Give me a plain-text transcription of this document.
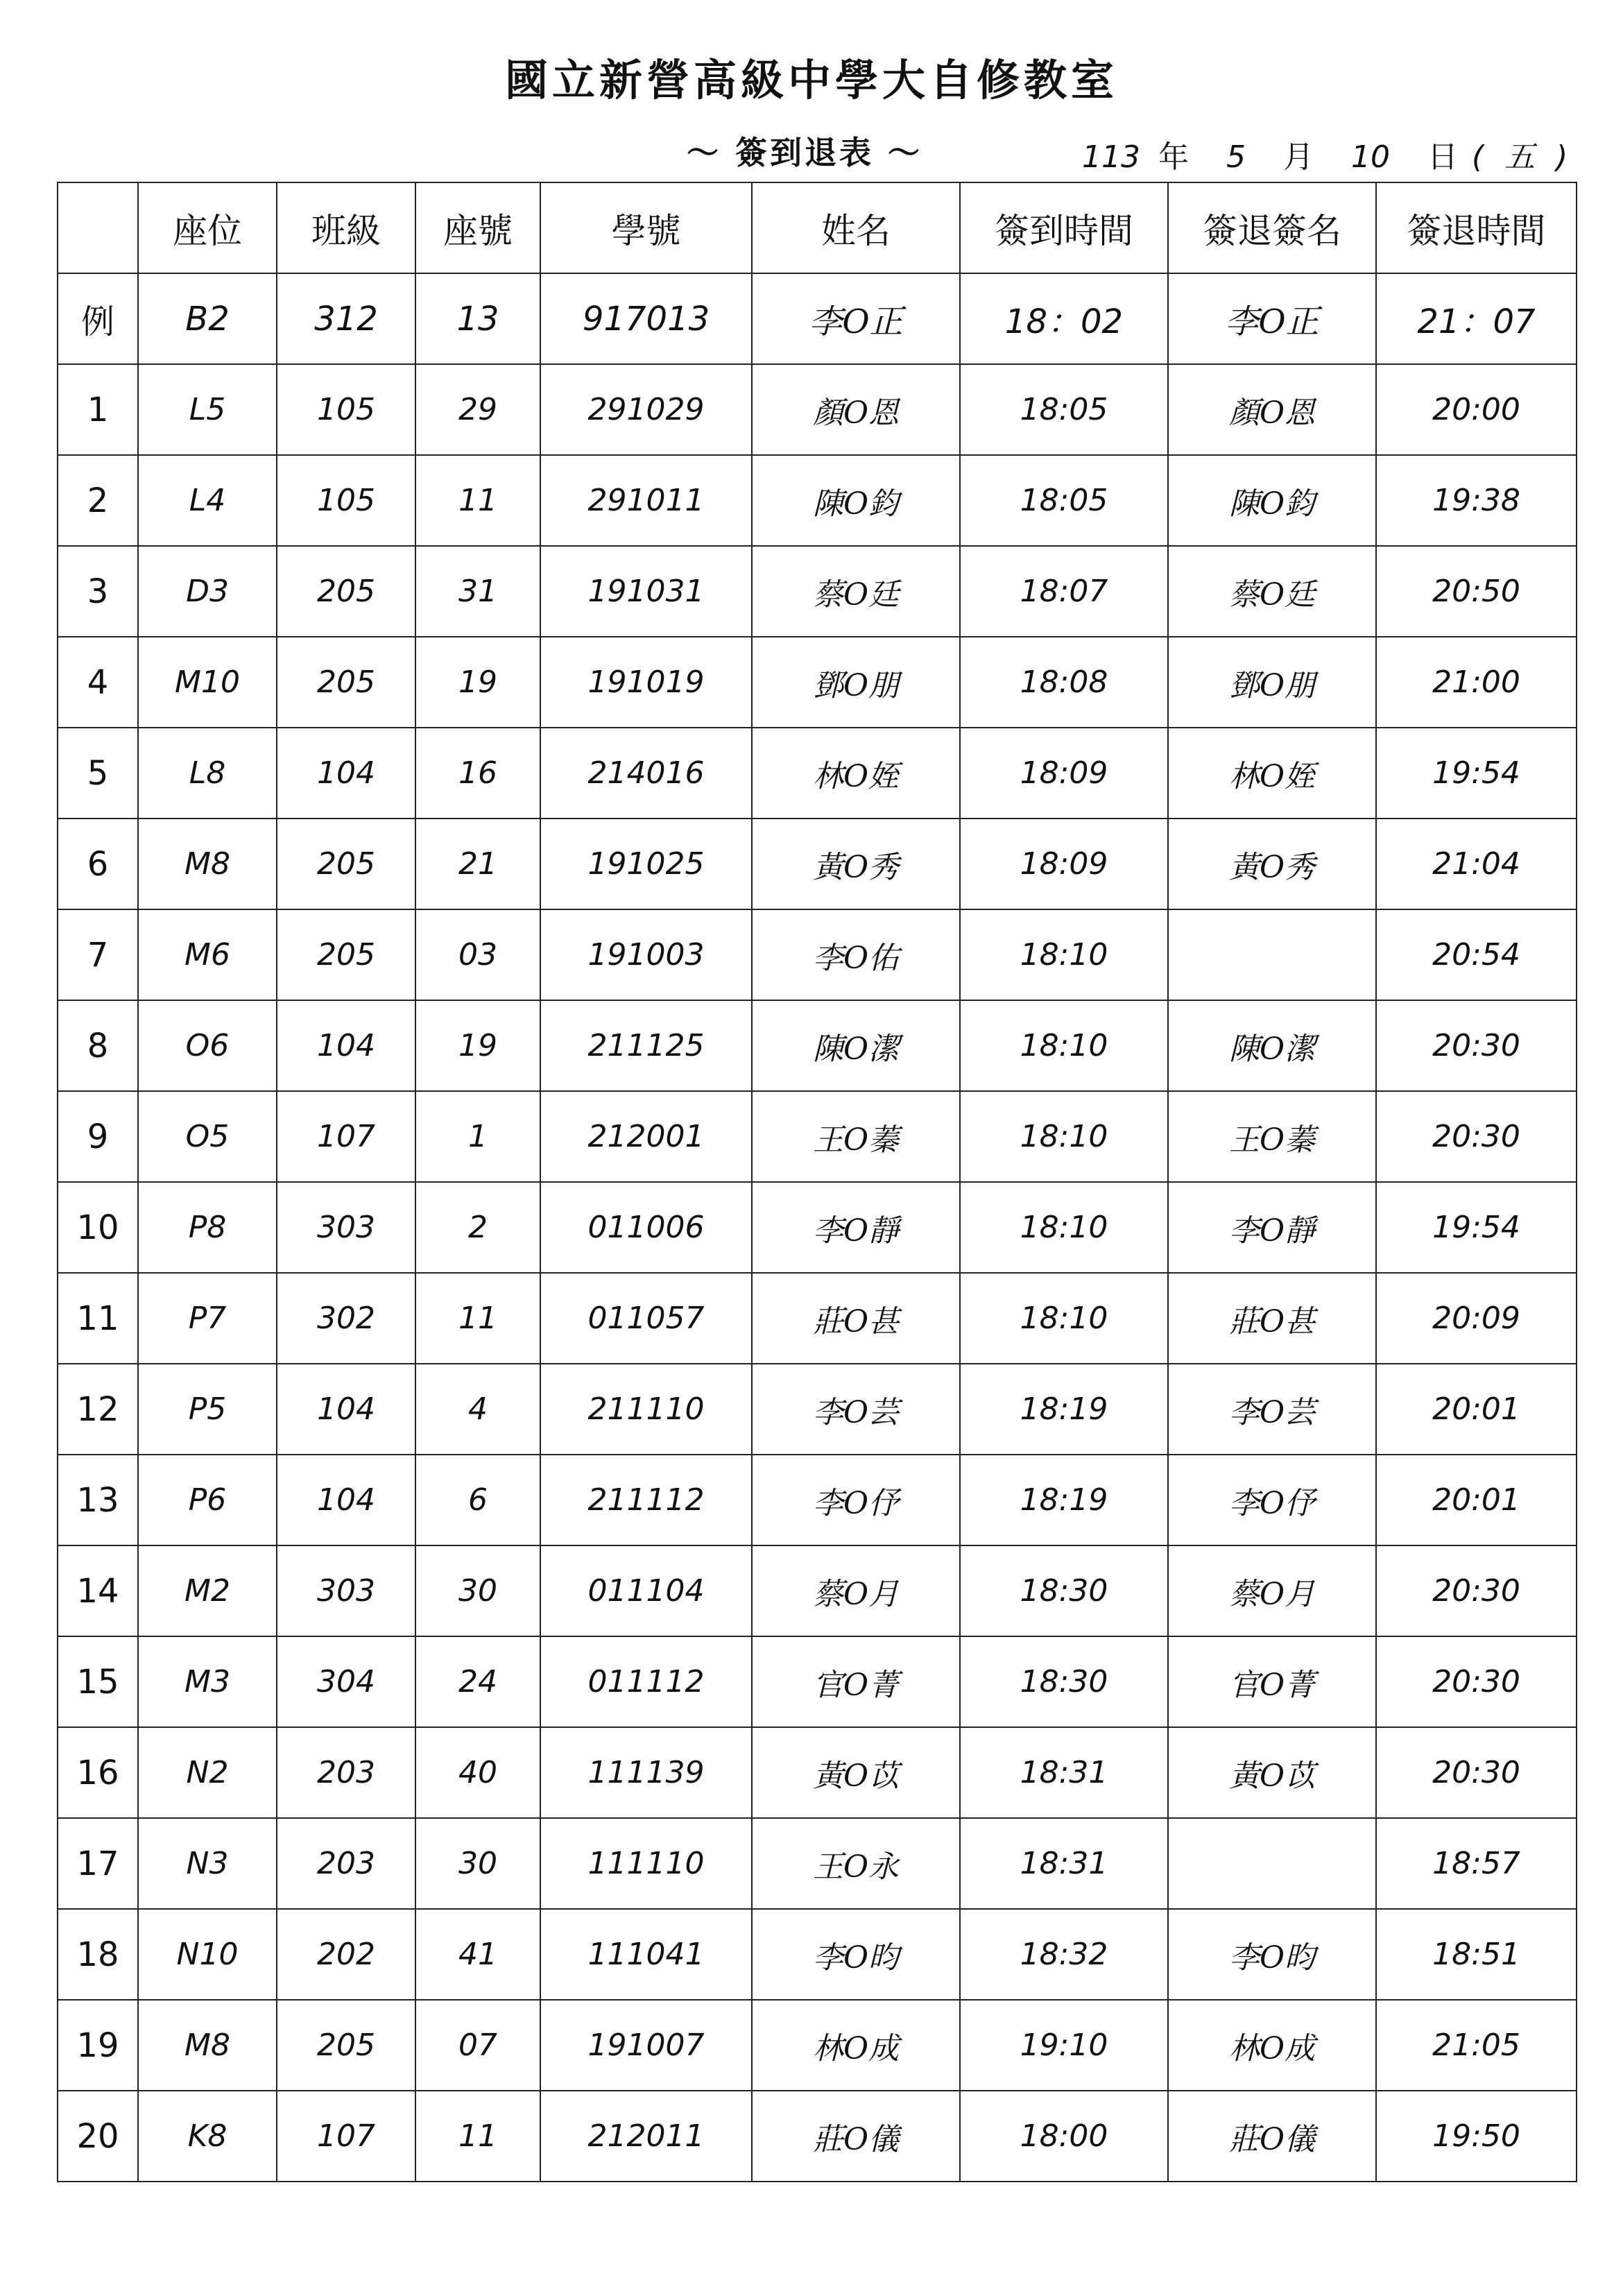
國立新營高級中學大自修教室
～ 簽到退表 ～	113 年 5 月 10 日 (五)
	座位	班級	座號	學號	姓名	簽到時間	簽退簽名	簽退時間
例	B2	312	13	917013	李O正	18：02	李O正	21：07
1	L5	105	29	291029	顏O恩	18:05	顏O恩	20:00
2	L4	105	11	291011	陳O鈞	18:05	陳O鈞	19:38
3	D3	205	31	191031	蔡O廷	18:07	蔡O廷	20:50
4	M10	205	19	191019	鄧O朋	18:08	鄧O朋	21:00
5	L8	104	16	214016	林O姪	18:09	林O姪	19:54
6	M8	205	21	191025	黃O秀	18:09	黃O秀	21:04
7	M6	205	03	191003	李O佑	18:10		20:54
8	O6	104	19	211125	陳O潔	18:10	陳O潔	20:30
9	O5	107	1	212001	王O蓁	18:10	王O蓁	20:30
10	P8	303	2	011006	李O靜	18:10	李O靜	19:54
11	P7	302	11	011057	莊O甚	18:10	莊O甚	20:09
12	P5	104	4	211110	李O芸	18:19	李O芸	20:01
13	P6	104	6	211112	李O伃	18:19	李O伃	20:01
14	M2	303	30	011104	蔡O月	18:30	蔡O月	20:30
15	M3	304	24	011112	官O菁	18:30	官O菁	20:30
16	N2	203	40	111139	黃O苡	18:31	黃O苡	20:30
17	N3	203	30	111110	王O永	18:31		18:57
18	N10	202	41	111041	李O昀	18:32	李O昀	18:51
19	M8	205	07	191007	林O成	19:10	林O成	21:05
20	K8	107	11	212011	莊O儀	18:00	莊O儀	19:50
